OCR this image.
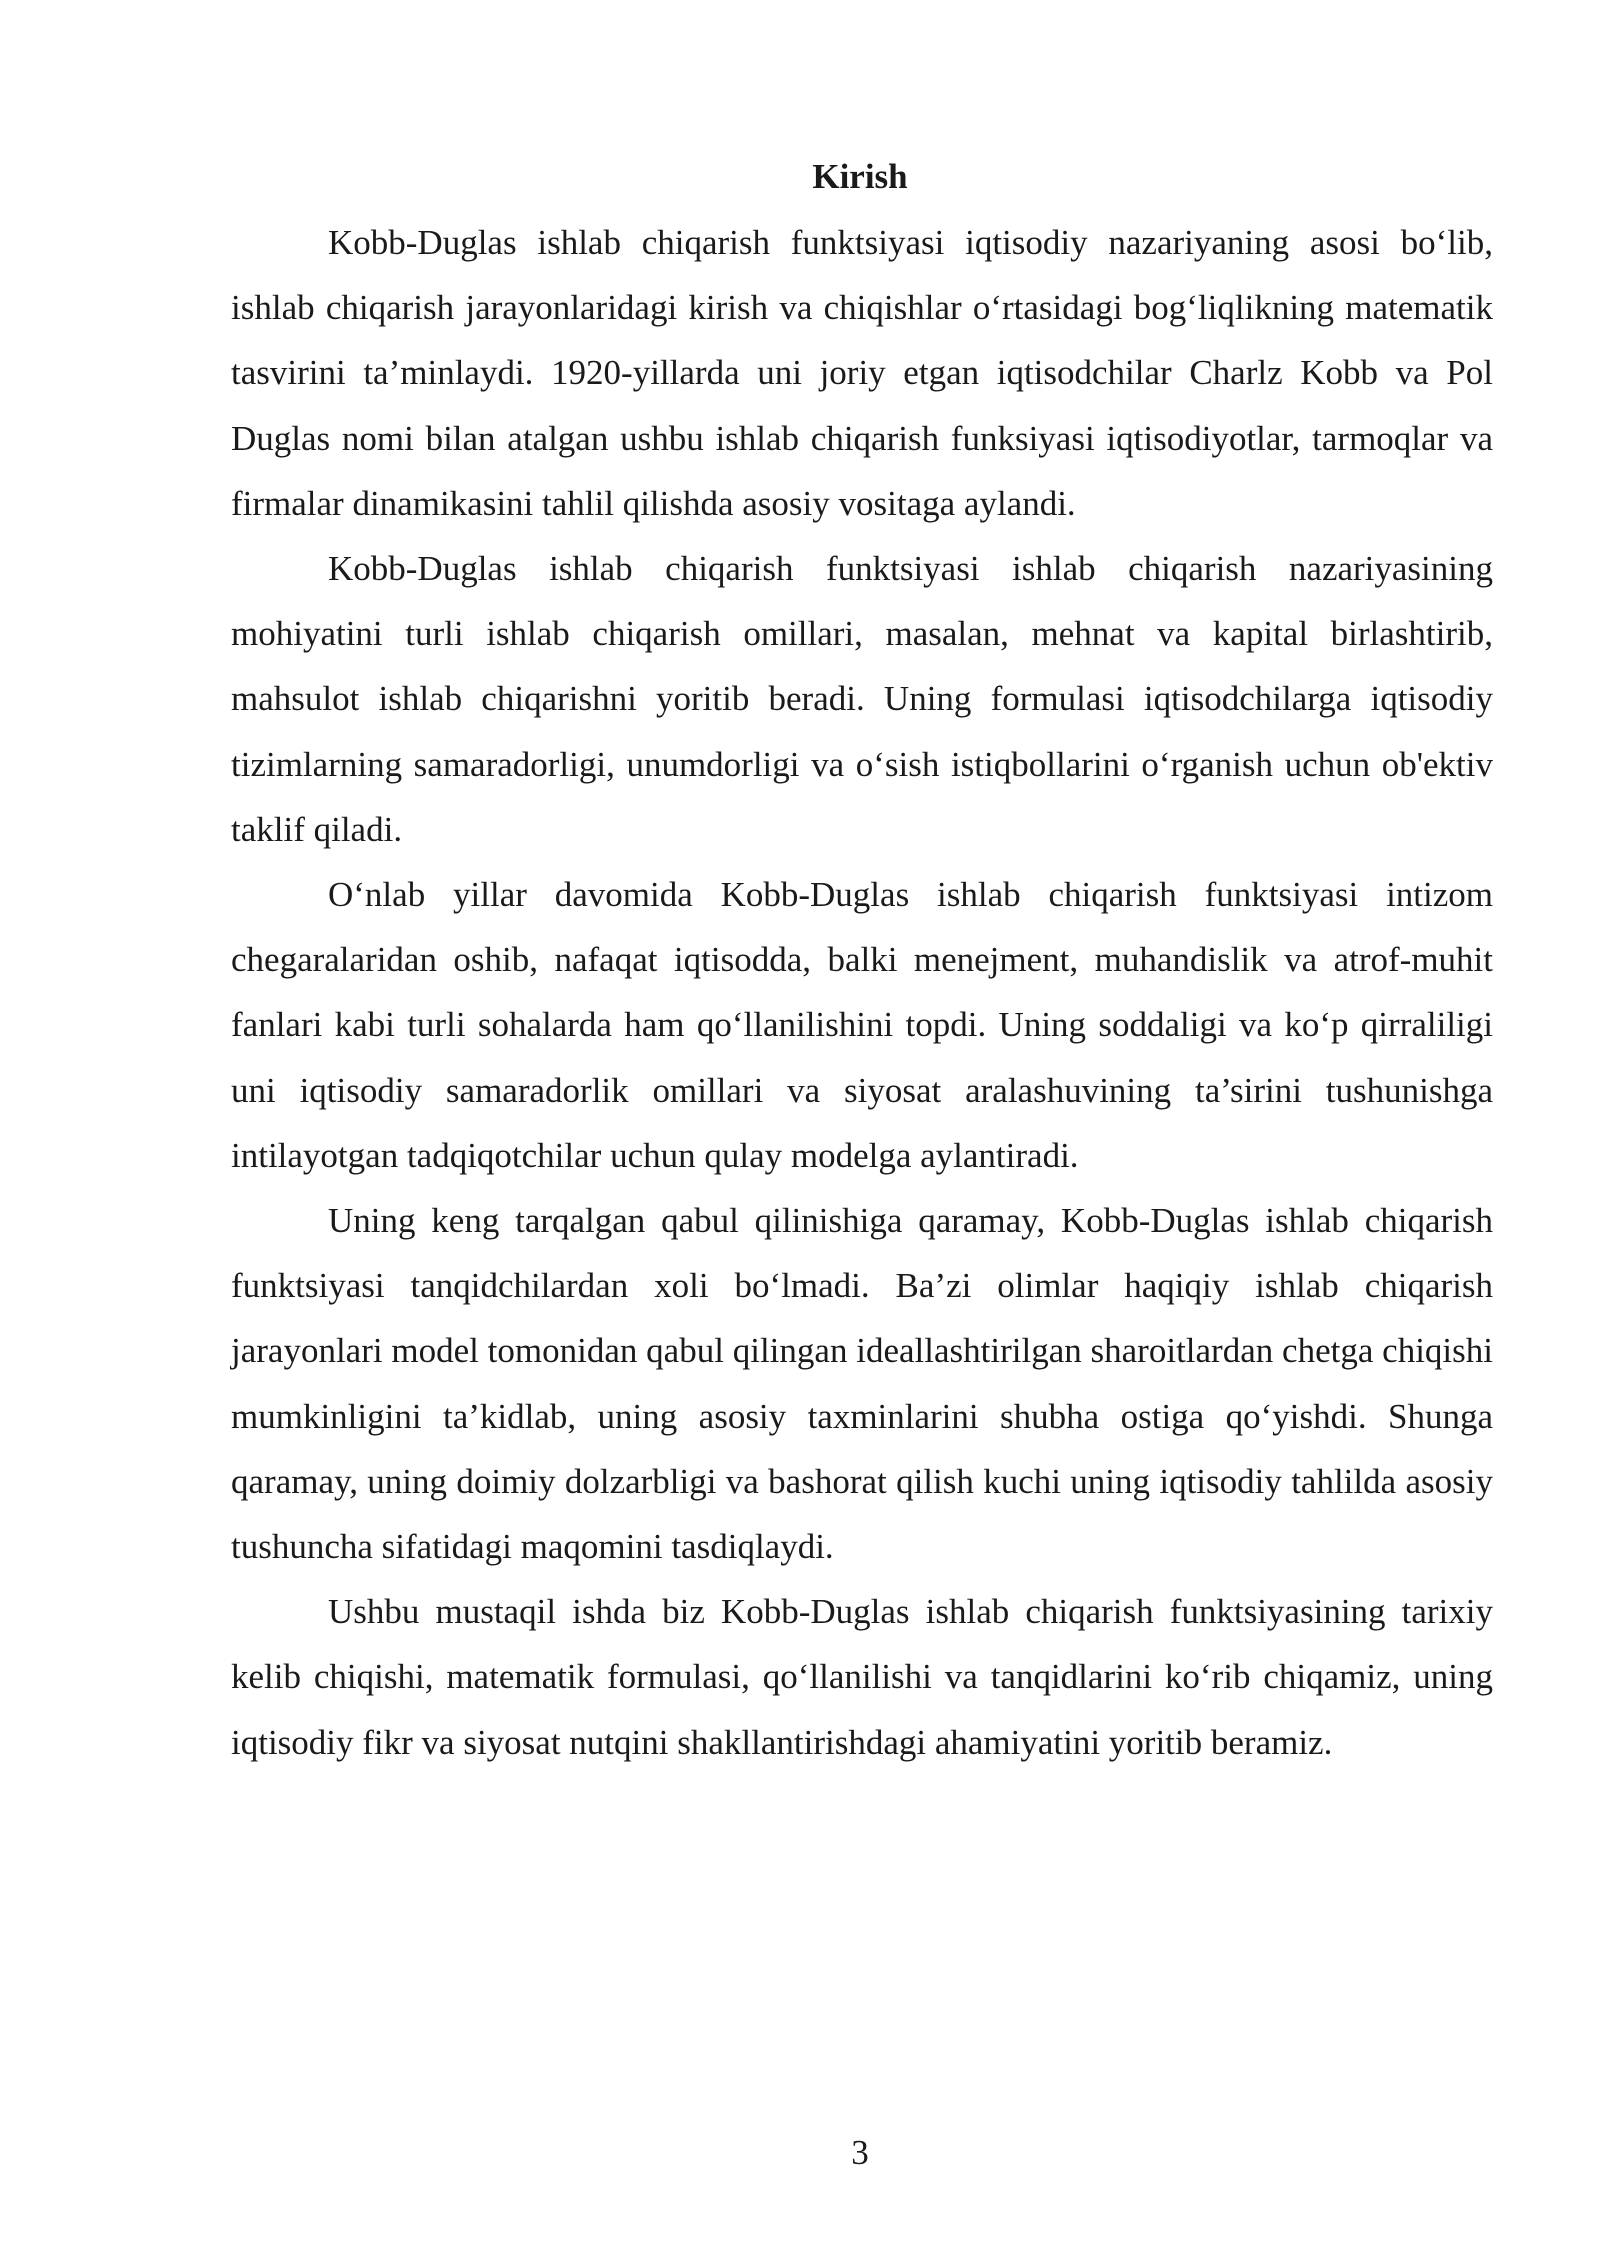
Kirish

Kobb-Duglas ishlab chiqarish funktsiyasi iqtisodiy nazariyaning asosi bo‘lib, ishlab chiqarish jarayonlaridagi kirish va chiqishlar o‘rtasidagi bog‘liqlikning matematik tasvirini ta’minlaydi. 1920-yillarda uni joriy etgan iqtisodchilar Charlz Kobb va Pol Duglas nomi bilan atalgan ushbu ishlab chiqarish funksiyasi iqtisodiyotlar, tarmoqlar va firmalar dinamikasini tahlil qilishda asosiy vositaga aylandi.

Kobb-Duglas ishlab chiqarish funktsiyasi ishlab chiqarish nazariyasining mohiyatini turli ishlab chiqarish omillari, masalan, mehnat va kapital birlashtirib, mahsulot ishlab chiqarishni yoritib beradi. Uning formulasi iqtisodchilarga iqtisodiy tizimlarning samaradorligi, unumdorligi va o‘sish istiqbollarini o‘rganish uchun ob'ektiv taklif qiladi.

O‘nlab yillar davomida Kobb-Duglas ishlab chiqarish funktsiyasi intizom chegaralaridan oshib, nafaqat iqtisodda, balki menejment, muhandislik va atrof-muhit fanlari kabi turli sohalarda ham qo‘llanilishini topdi. Uning soddaligi va ko‘p qirraliligi uni iqtisodiy samaradorlik omillari va siyosat aralashuvining ta’sirini tushunishga intilayotgan tadqiqotchilar uchun qulay modelga aylantiradi.

Uning keng tarqalgan qabul qilinishiga qaramay, Kobb-Duglas ishlab chiqarish funktsiyasi tanqidchilardan xoli bo‘lmadi. Ba’zi olimlar haqiqiy ishlab chiqarish jarayonlari model tomonidan qabul qilingan ideallashtirilgan sharoitlardan chetga chiqishi mumkinligini ta’kidlab, uning asosiy taxminlarini shubha ostiga qo‘yishdi. Shunga qaramay, uning doimiy dolzarbligi va bashorat qilish kuchi uning iqtisodiy tahlilda asosiy tushuncha sifatidagi maqomini tasdiqlaydi.

Ushbu mustaqil ishda biz Kobb-Duglas ishlab chiqarish funktsiyasining tarixiy kelib chiqishi, matematik formulasi, qo‘llanilishi va tanqidlarini ko‘rib chiqamiz, uning iqtisodiy fikr va siyosat nutqini shakllantirishdagi ahamiyatini yoritib beramiz.

3
